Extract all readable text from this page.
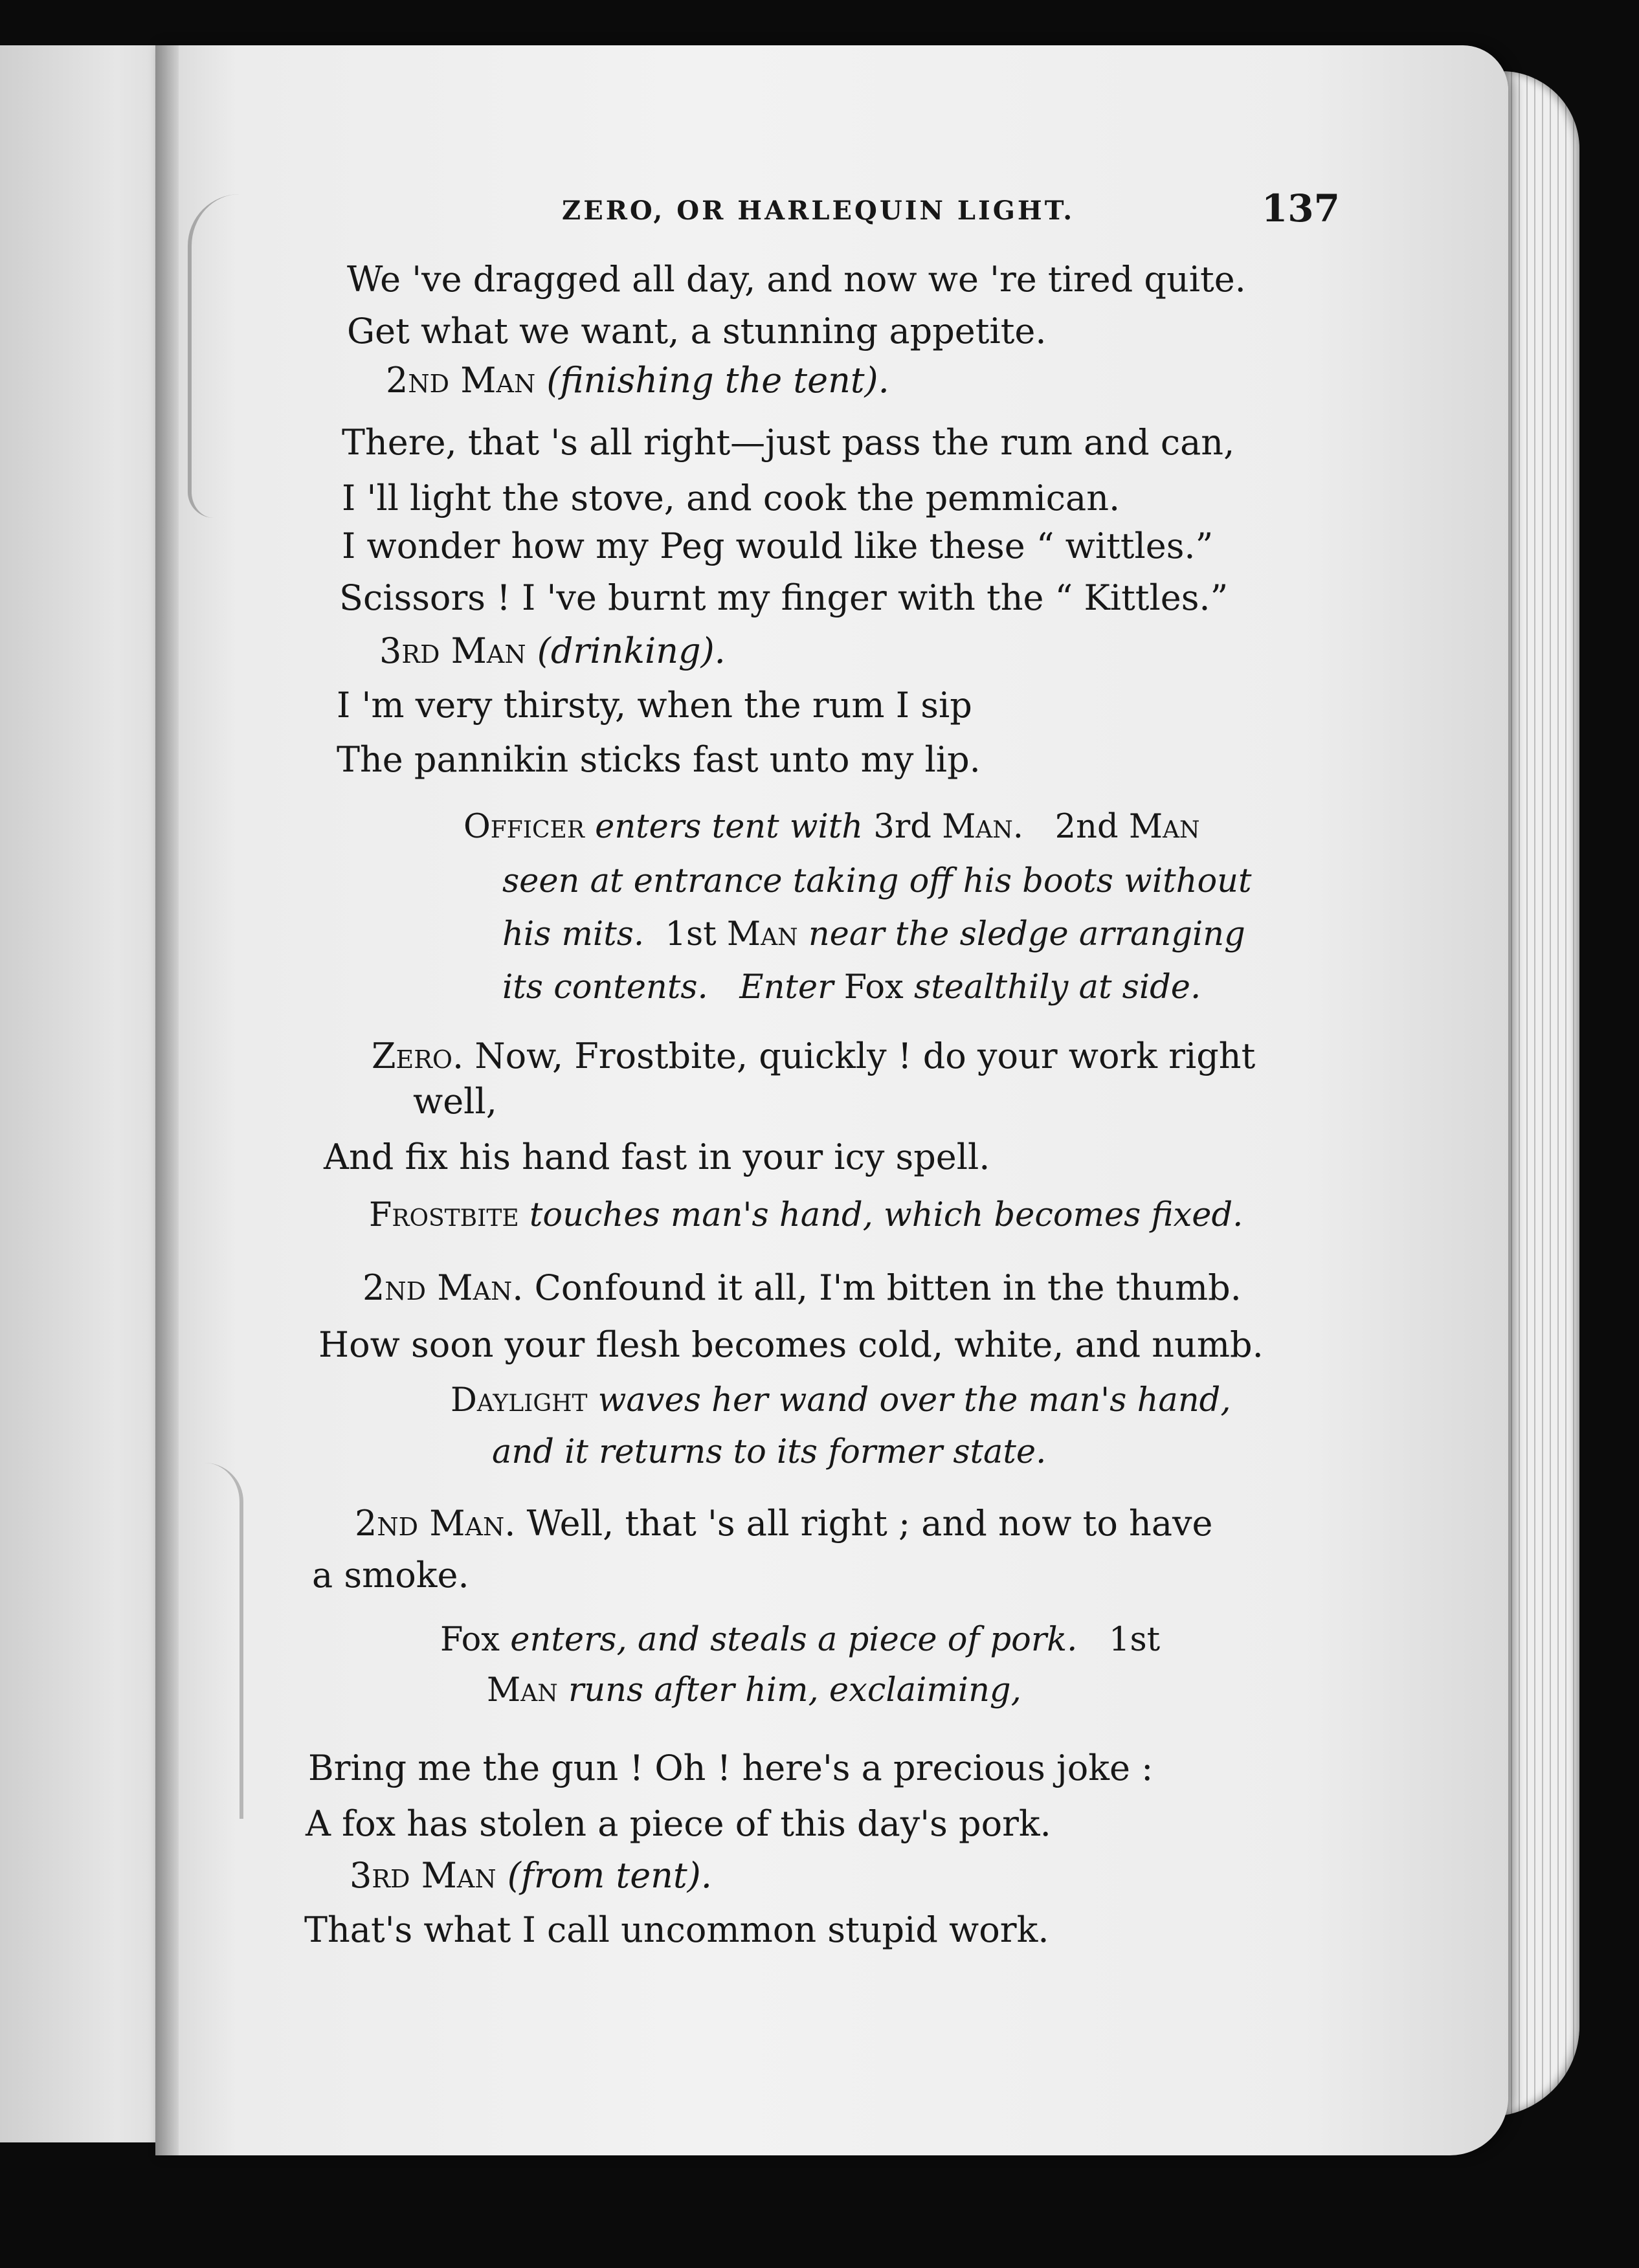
ZERO, OR HARLEQUIN LIGHT.	137
We 've dragged all day, and now we 're tired quite.
Get what we want, a stunning appetite.
2nd Man (finishing the tent).
There, that 's all right—just pass the rum and can,
I 'll light the stove, and cook the pemmican.
I wonder how my Peg would like these “ wittles.”
Scissors ! I 've burnt my finger with the “ Kittles.”
3rd Man (drinking).
I 'm very thirsty, when the rum I sip
The pannikin sticks fast unto my lip.
Officer enters tent with 3rd Man. 2nd Man
seen at entrance taking off his boots without
his mits. 1st Man near the sledge arranging
its contents. Enter Fox stealthily at side.
Zero. Now, Frostbite, quickly ! do your work right
well,
And fix his hand fast in your icy spell.
Frostbite touches man's hand, which becomes fixed.
2nd Man. Confound it all, I'm bitten in the thumb.
How soon your flesh becomes cold, white, and numb.
Daylight waves her wand over the man's hand,
and it returns to its former state.
2nd Man. Well, that 's all right ; and now to have
a smoke.
Fox enters, and steals a piece of pork. 1st
Man runs after him, exclaiming,
Bring me the gun ! Oh ! here's a precious joke :
A fox has stolen a piece of this day's pork.
3rd Man (from tent).
That's what I call uncommon stupid work.
